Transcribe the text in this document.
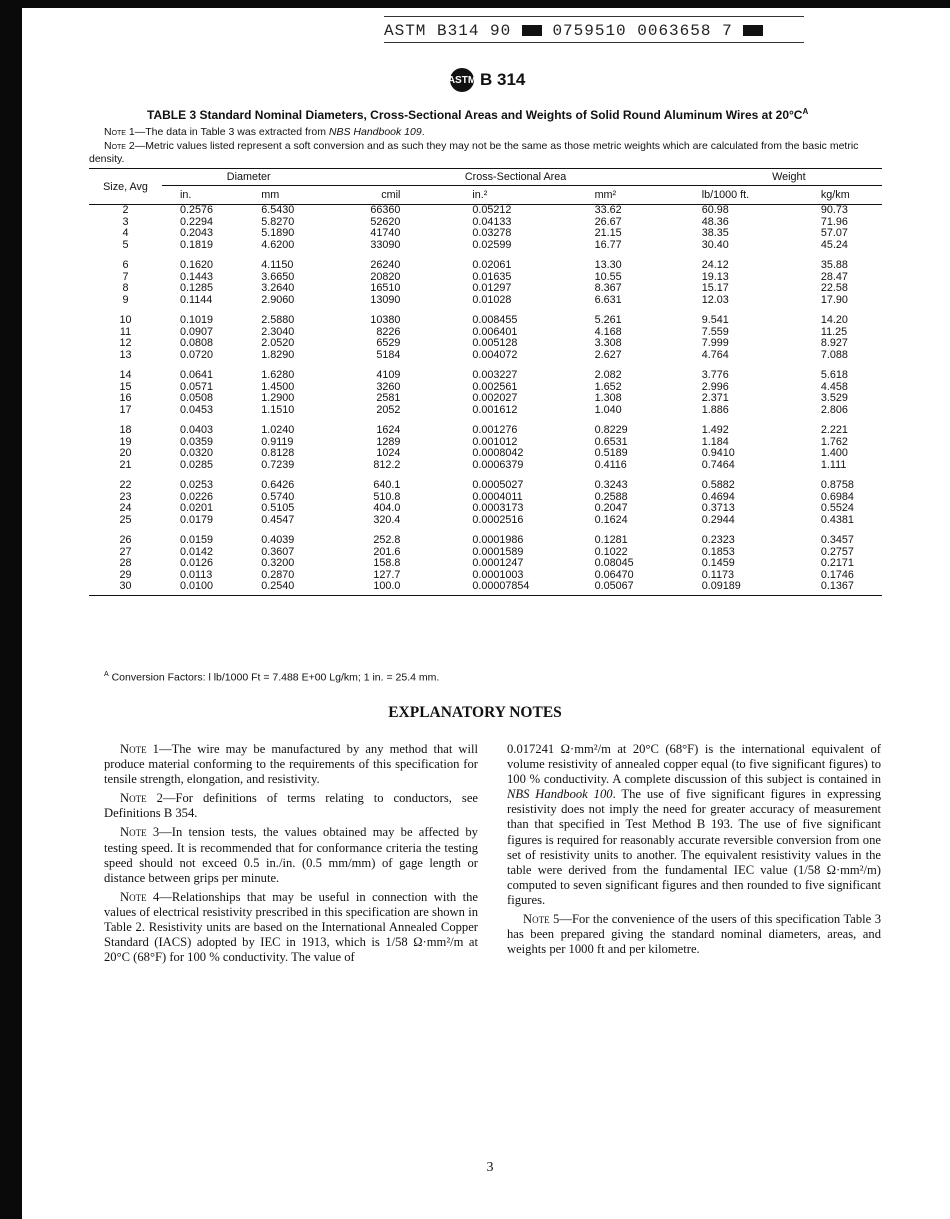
ASTM B314 90	0759510 0063658 7
ASTM B 314
TABLE 3 Standard Nominal Diameters, Cross-Sectional Areas and Weights of Solid Round Aluminum Wires at $20^\circ C^A$
Note 1—The data in Table 3 was extracted from NBS Handbook 109.
Note 2—Metric values listed represent a soft conversion and as such they may not be the same as those metric weights which are calculated from the basic metric
density.
Size, Avg	Diameter		Cross-Sectional Area			Weight	
	in.	mm	cmil	in.²	mm²	lb/1000 ft.	kg/km
2	0.2576	6.5430	66360	0.05212	33.62	60.98	90.73
3	0.2294	5.8270	52620	0.04133	26.67	48.36	71.96
4	0.2043	5.1890	41740	0.03278	21.15	38.35	57.07
5	0.1819	4.6200	33090	0.02599	16.77	30.40	45.24

6	0.1620	4.1150	26240	0.02061	13.30	24.12	35.88
7	0.1443	3.6650	20820	0.01635	10.55	19.13	28.47
8	0.1285	3.2640	16510	0.01297	8.367	15.17	22.58
9	0.1144	2.9060	13090	0.01028	6.631	12.03	17.90

10	0.1019	2.5880	10380	0.008455	5.261	9.541	14.20
11	0.0907	2.3040	8226	0.006401	4.168	7.559	11.25
12	0.0808	2.0520	6529	0.005128	3.308	7.999	8.927
13	0.0720	1.8290	5184	0.004072	2.627	4.764	7.088

14	0.0641	1.6280	4109	0.003227	2.082	3.776	5.618
15	0.0571	1.4500	3260	0.002561	1.652	2.996	4.458
16	0.0508	1.2900	2581	0.002027	1.308	2.371	3.529
17	0.0453	1.1510	2052	0.001612	1.040	1.886	2.806

18	0.0403	1.0240	1624	0.001276	0.8229	1.492	2.221
19	0.0359	0.9119	1289	0.001012	0.6531	1.184	1.762
20	0.0320	0.8128	1024	0.0008042	0.5189	0.9410	1.400
21	0.0285	0.7239	812.2	0.0006379	0.4116	0.7464	1.111

22	0.0253	0.6426	640.1	0.0005027	0.3243	0.5882	0.8758
23	0.0226	0.5740	510.8	0.0004011	0.2588	0.4694	0.6984
24	0.0201	0.5105	404.0	0.0003173	0.2047	0.3713	0.5524
25	0.0179	0.4547	320.4	0.0002516	0.1624	0.2944	0.4381

26	0.0159	0.4039	252.8	0.0001986	0.1281	0.2323	0.3457
27	0.0142	0.3607	201.6	0.0001589	0.1022	0.1853	0.2757
28	0.0126	0.3200	158.8	0.0001247	0.08045	0.1459	0.2171
29	0.0113	0.2870	127.7	0.0001003	0.06470	0.1173	0.1746
30	0.0100	0.2540	100.0	0.00007854	0.05067	0.09189	0.1367
$^A$ Conversion Factors: l lb/1000 Ft = 7.488 E+00 Lg/km; 1 in. = 25.4 mm.
EXPLANATORY NOTES

Note 1—The wire may be manufactured by any method that will produce material conforming to the requirements of this specification for tensile strength, elongation, and resistivity.

Note 2—For definitions of terms relating to conductors, see Definitions B 354.

Note 3—In tension tests, the values obtained may be affected by testing speed. It is recommended that for conformance criteria the testing speed should not exceed 0.5 in./in. (0.5 mm/mm) of gage length or distance between grips per minute.

Note 4—Relationships that may be useful in connection with the values of electrical resistivity prescribed in this specification are shown in Table 2. Resistivity units are based on the International Annealed Copper Standard (IACS) adopted by IEC in 1913, which is 1/58 Ω·mm²/m at 20°C (68°F) for 100 % conductivity. The value of

0.017241 Ω·mm²/m at 20°C (68°F) is the international equivalent of volume resistivity of annealed copper equal (to five significant figures) to 100 % conductivity. A complete discussion of this subject is contained in NBS Handbook 100. The use of five significant figures in expressing resistivity does not imply the need for greater accuracy of measurement than that specified in Test Method B 193. The use of five significant figures is required for reasonably accurate reversible conversion from one set of resistivity units to another. The equivalent resistivity values in the table were derived from the fundamental IEC value (1/58 Ω·mm²/m) computed to seven significant figures and then rounded to five significant figures.

Note 5—For the convenience of the users of this specification Table 3 has been prepared giving the standard nominal diameters, areas, and weights per 1000 ft and per kilometre.

3
